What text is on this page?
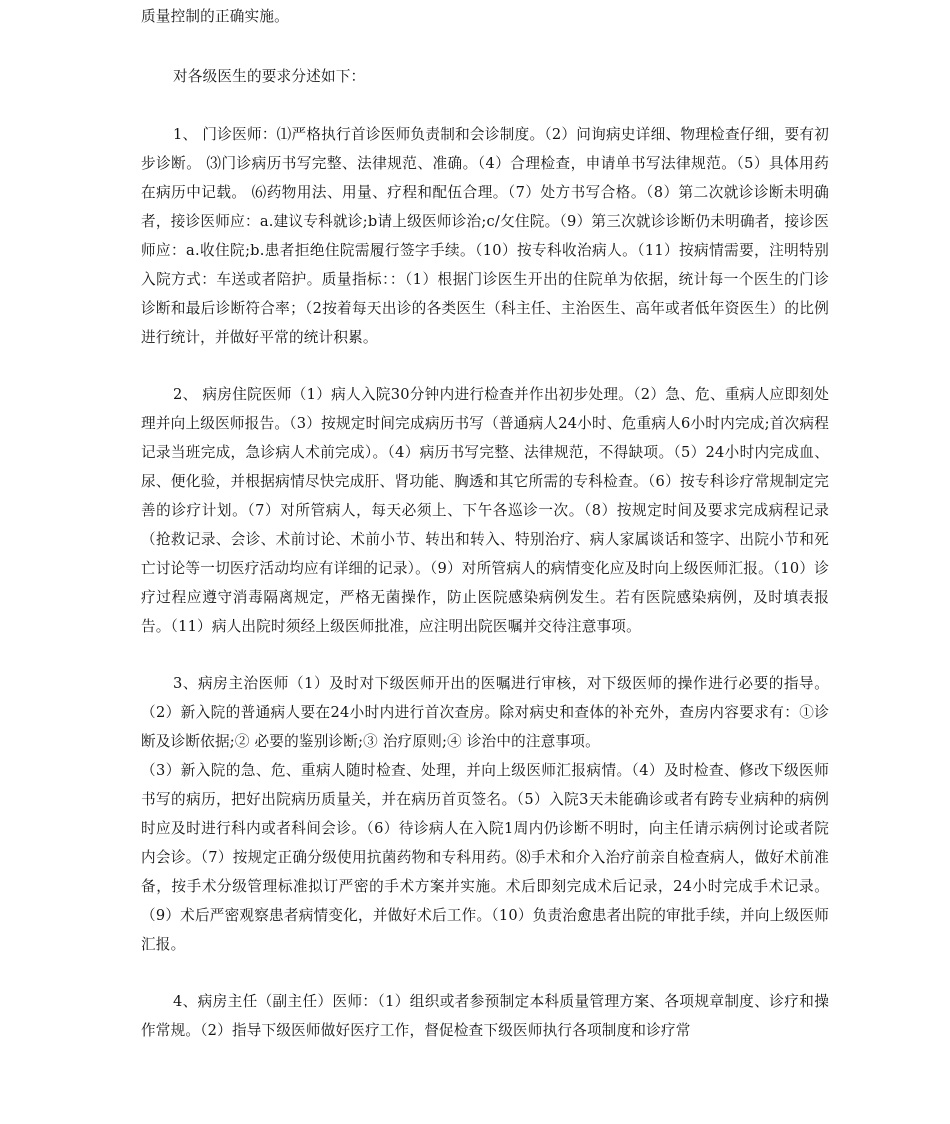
质量控制的正确实施。

对各级医生的要求分述如下：

1、 门诊医师：⑴严格执行首诊医师负责制和会诊制度。（2）问询病史详细、物理检查仔细，要有初步诊断。 ⑶门诊病历书写完整、法律规范、准确。（4）合理检查，申请单书写法律规范。（5）具体用药在病历中记载。 ⑹药物用法、用量、疗程和配伍合理。（7）处方书写合格。（8）第二次就诊诊断未明确者，接诊医师应：a.建议专科就诊;b请上级医师诊治;c/攵住院。（9）第三次就诊诊断仍未明确者，接诊医师应：a.收住院;b.患者拒绝住院需履行签字手续。（10）按专科收治病人。（11）按病情需要，注明特别入院方式：车送或者陪护。质量指标：：（1）根据门诊医生开出的住院单为依据，统计每一个医生的门诊诊断和最后诊断符合率；（2按着每天出诊的各类医生（科主任、主治医生、高年或者低年资医生）的比例进行统计，并做好平常的统计积累。

2、 病房住院医师（1）病人入院30分钟内进行检查并作出初步处理。（2）急、危、重病人应即刻处理并向上级医师报告。（3）按规定时间完成病历书写（普通病人24小时、危重病人6小时内完成;首次病程记录当班完成，急诊病人术前完成）。（4）病历书写完整、法律规范，不得缺项。（5）24小时内完成血、尿、便化验，并根据病情尽快完成肝、肾功能、胸透和其它所需的专科检查。（6）按专科诊疗常规制定完善的诊疗计划。（7）对所管病人，每天必须上、下午各巡诊一次。（8）按规定时间及要求完成病程记录（抢救记录、会诊、术前讨论、术前小节、转出和转入、特别治疗、病人家属谈话和签字、出院小节和死亡讨论等一切医疗活动均应有详细的记录）。（9）对所管病人的病情变化应及时向上级医师汇报。（10）诊疗过程应遵守消毒隔离规定，严格无菌操作，防止医院感染病例发生。若有医院感染病例，及时填表报告。（11）病人出院时须经上级医师批准，应注明出院医嘱并交待注意事项。

3、病房主治医师（1）及时对下级医师开出的医嘱进行审核，对下级医师的操作进行必要的指导。（2）新入院的普通病人要在24小时内进行首次查房。除对病史和查体的补充外，查房内容要求有：①诊断及诊断依据;② 必要的鉴别诊断;③ 治疗原则;④ 诊治中的注意事项。

（3）新入院的急、危、重病人随时检查、处理，并向上级医师汇报病情。（4）及时检查、修改下级医师书写的病历，把好出院病历质量关，并在病历首页签名。（5）入院3天未能确诊或者有跨专业病种的病例时应及时进行科内或者科间会诊。（6）待诊病人在入院1周内仍诊断不明时，向主任请示病例讨论或者院内会诊。（7）按规定正确分级使用抗菌药物和专科用药。⑻手术和介入治疗前亲自检查病人，做好术前准备，按手术分级管理标准拟订严密的手术方案并实施。术后即刻完成术后记录，24小时完成手术记录。（9）术后严密观察患者病情变化，并做好术后工作。（10）负责治愈患者出院的审批手续，并向上级医师汇报。

4、病房主任（副主任）医师：（1）组织或者参预制定本科质量管理方案、各项规章制度、诊疗和操作常规。（2）指导下级医师做好医疗工作，督促检查下级医师执行各项制度和诊疗常
